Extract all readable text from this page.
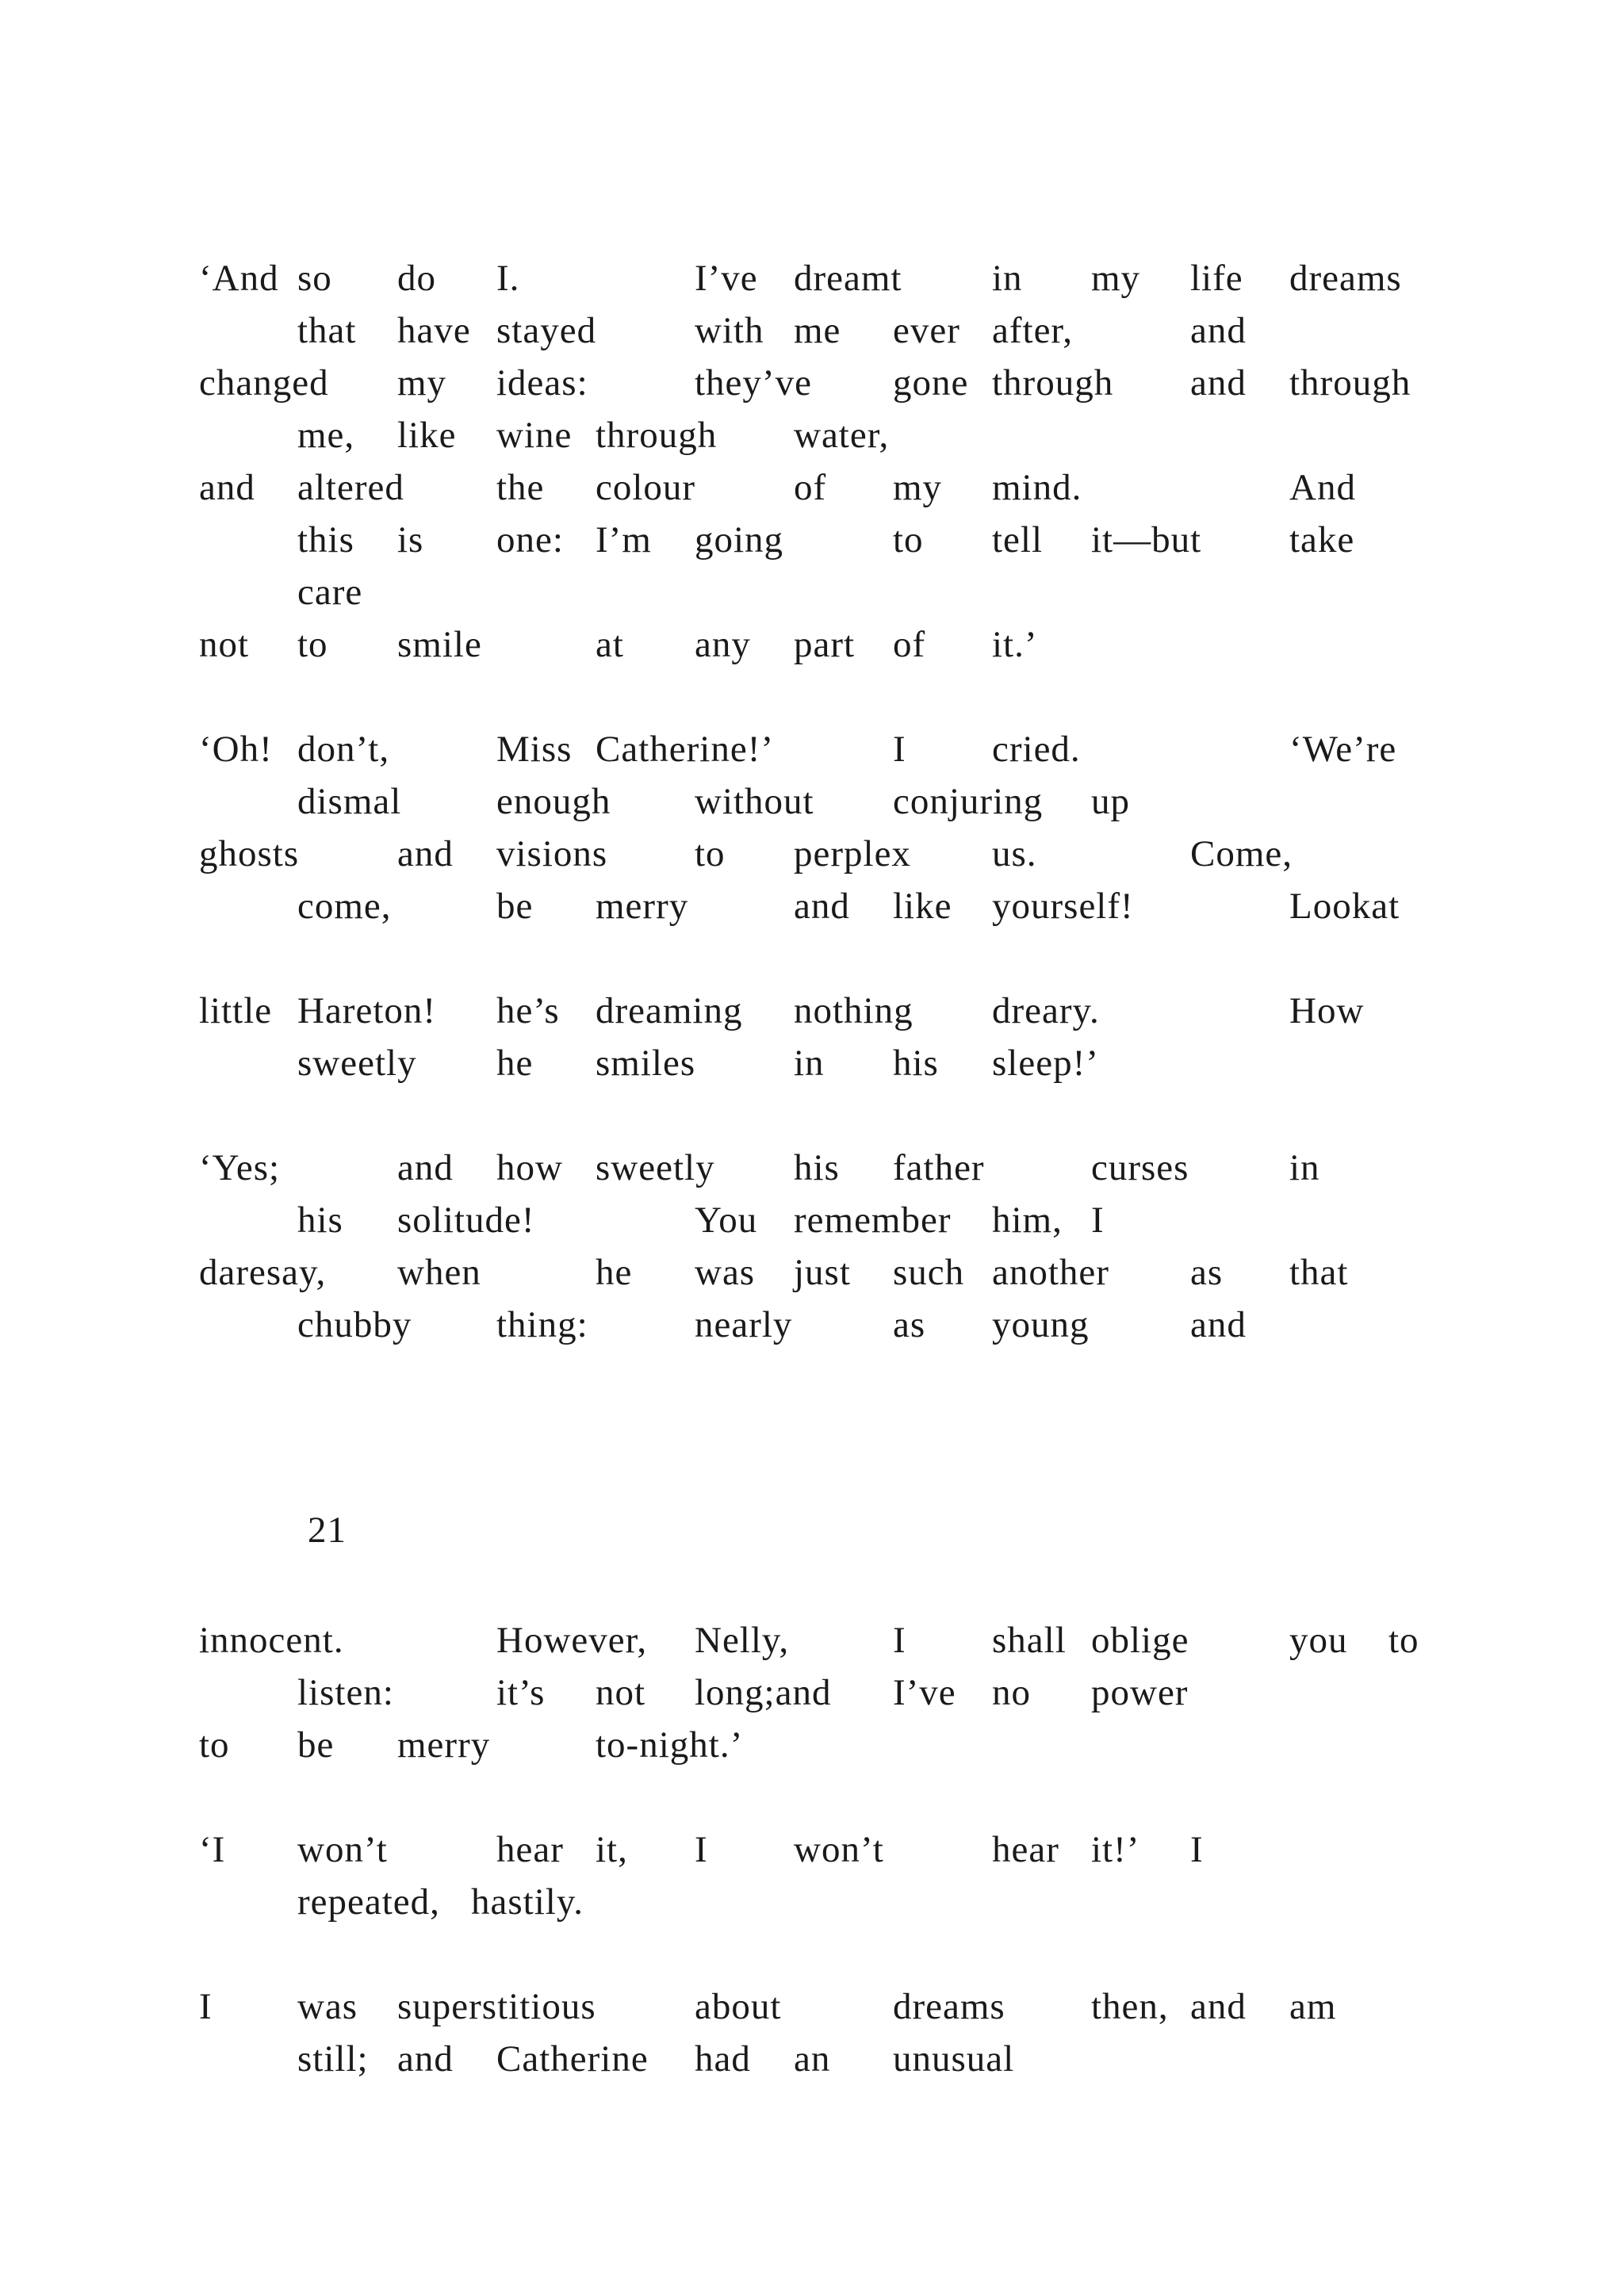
‘And so do I.	I’ve dreamt in my life dreams
that have stayed	with me ever after,	and
changed my ideas:	they’ve gone through and through
me, like wine through water,
and altered the colour	of my mind.	And
this is one: I’m going	to tell it—but take
care
not to smile	at any part of it.’
‘Oh! don’t,	Miss Catherine!’	I cried.	‘We’re
dismal	enough without conjuring up
ghosts	and visions to perplex us.	Come,
come,	be merry	and like yourself!	Lookat
little Hareton! he’s dreaming nothing dreary.	How
sweetly he smiles	in his sleep!’
‘Yes;	and how sweetly his father	curses	in
his solitude!	You remember him, I
daresay, when	he was just such another as that
chubby thing:	nearly	as young	and
21
innocent.	However, Nelly,	I shall oblige	you to
listen:	it’s not long;and I’ve no power
to be merry	to-night.’
‘I won’t	hear it, I won’t	hear it!’ I
repeated, hastily.
I was superstitious	about	dreams then, and am
still; and Catherine had an unusual
